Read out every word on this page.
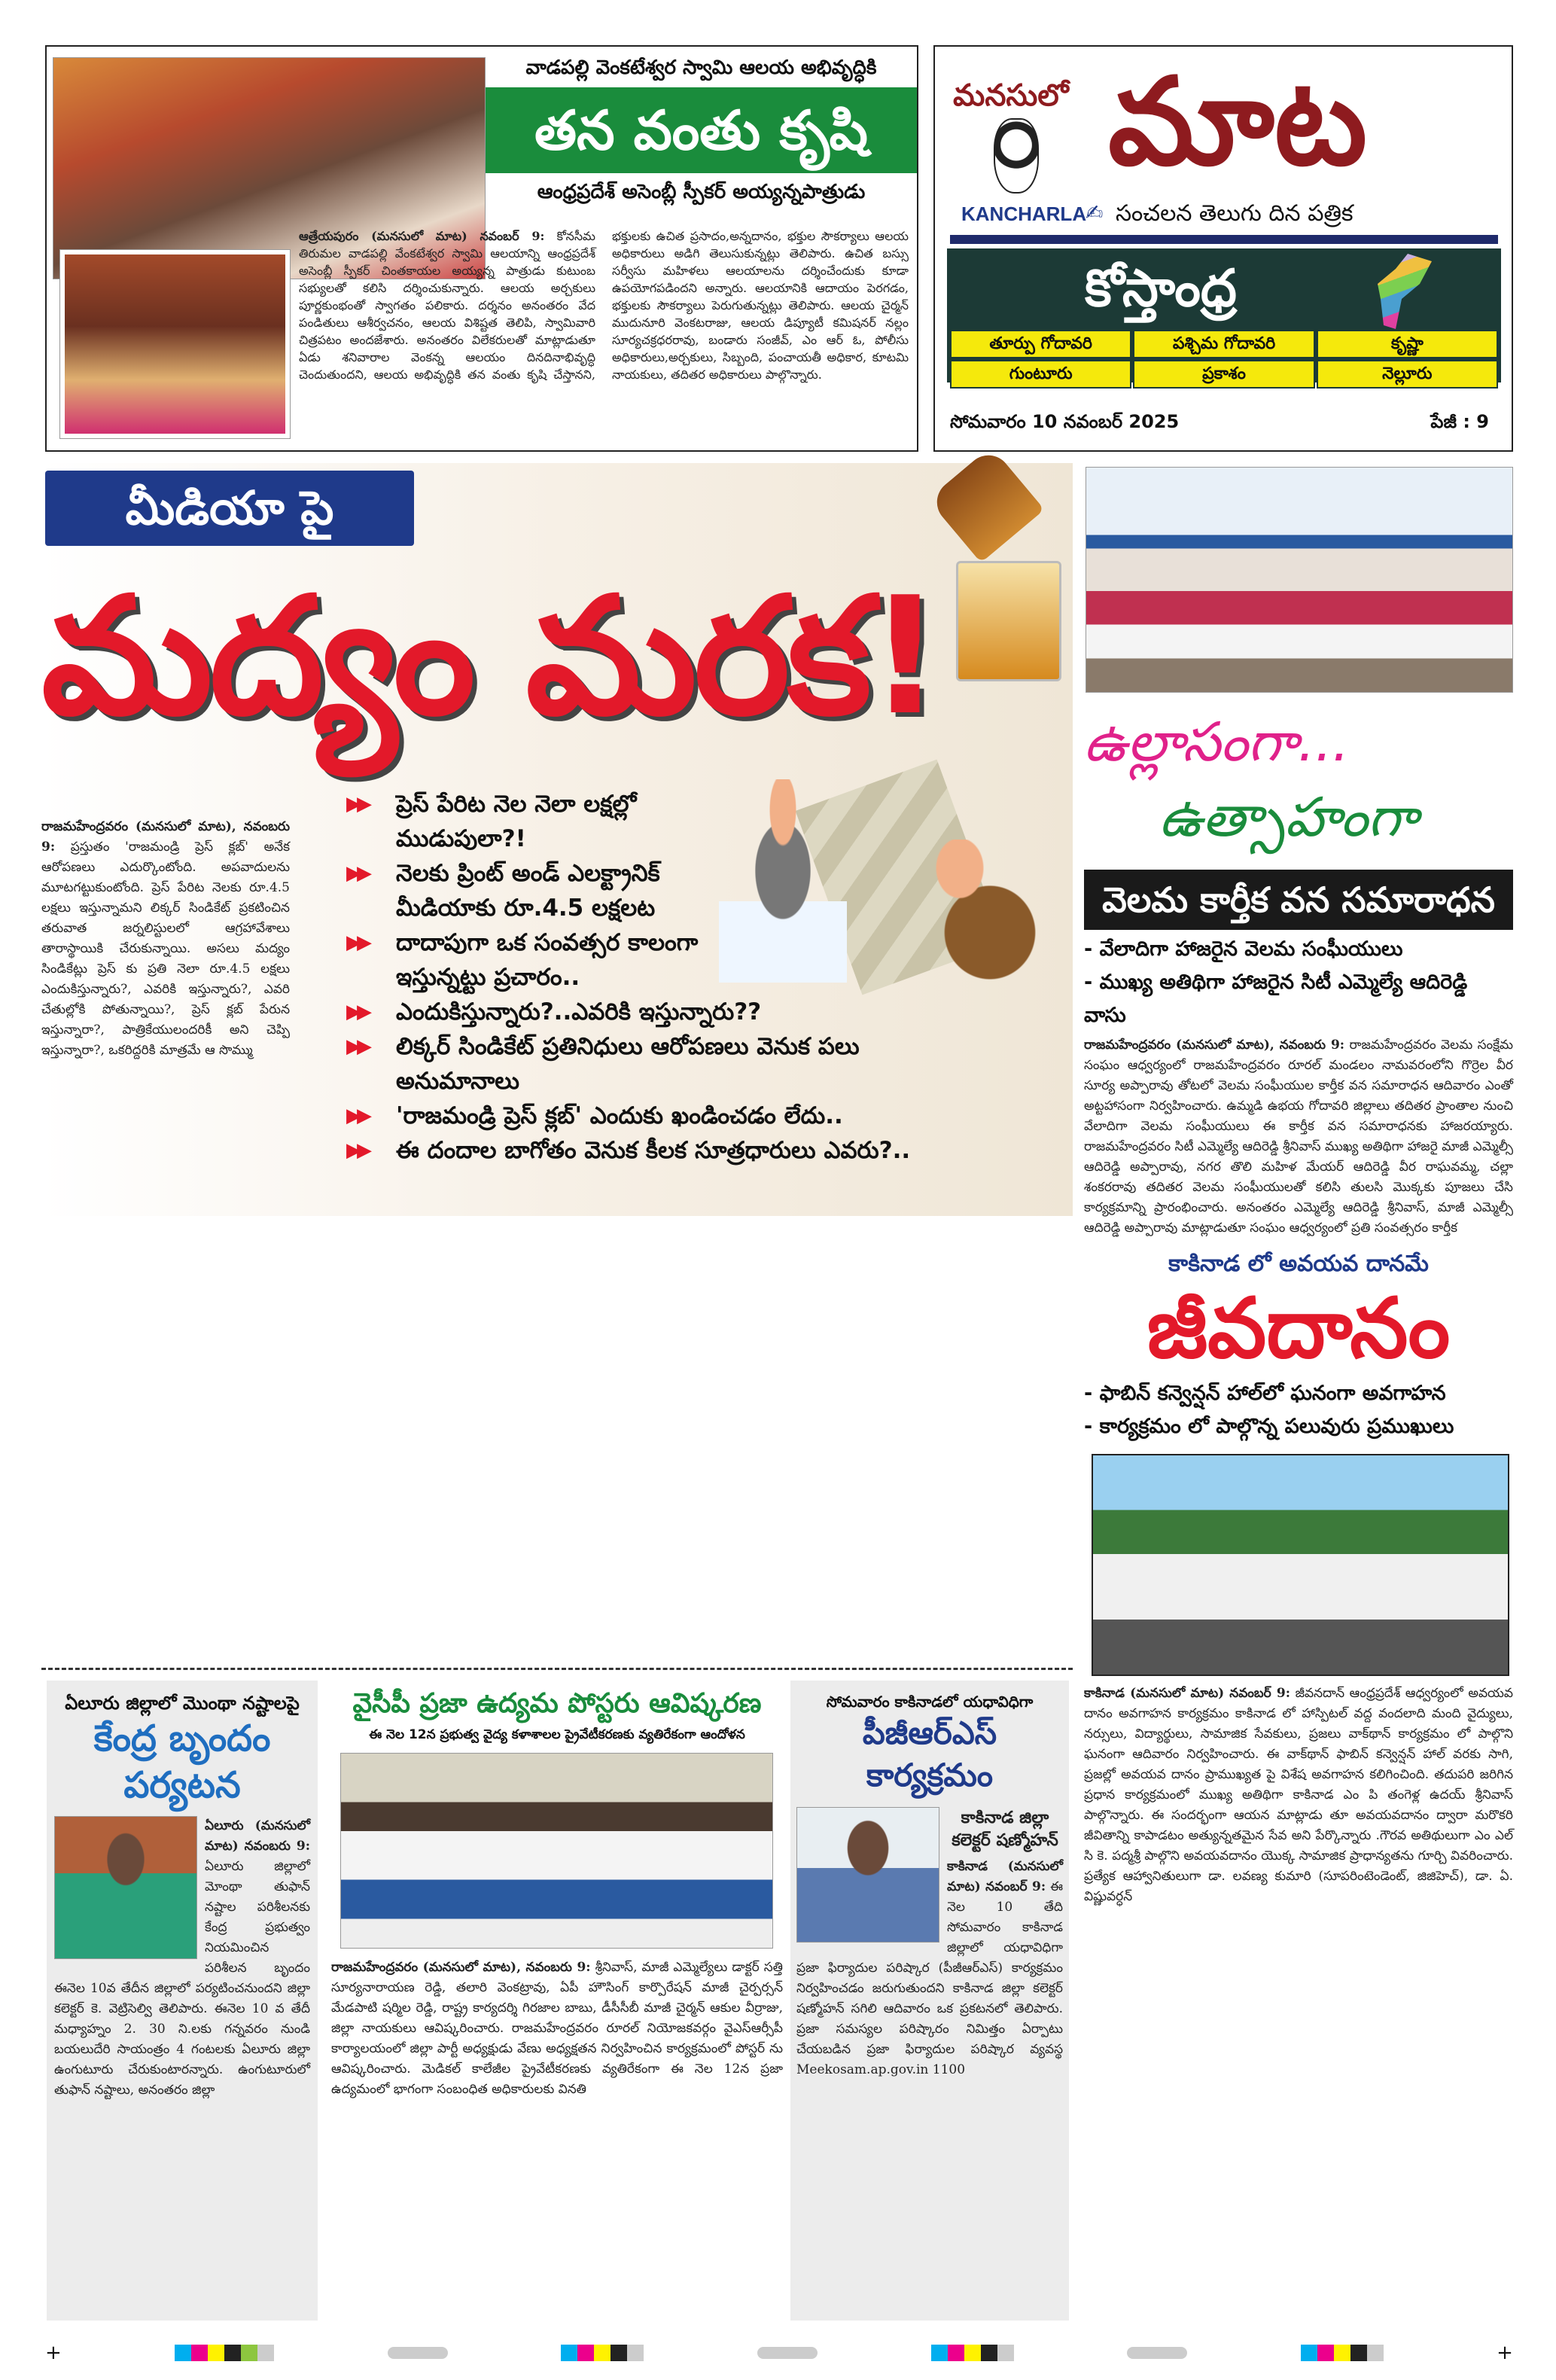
వాడపల్లి వెంకటేశ్వర స్వామి ఆలయ అభివృద్ధికి
తన వంతు కృషి
ఆంధ్రప్రదేశ్ అసెంబ్లీ స్పీకర్ అయ్యన్నపాత్రుడు
ఆత్రేయపురం (మనసులో మాట) నవంబర్ 9: కోనసీమ తిరుమల వాడపల్లి వేంకటేశ్వర స్వామి ఆలయాన్ని ఆంధ్రప్రదేశ్ అసెంబ్లీ స్పీకర్ చింతకాయల అయ్యన్న పాత్రుడు కుటుంబ సభ్యులతో కలిసి దర్శించుకున్నారు. ఆలయ అర్చకులు పూర్ణకుంభంతో స్వాగతం పలికారు. దర్శనం అనంతరం వేద పండితులు ఆశీర్వచనం, ఆలయ విశిష్టత తెలిపి, స్వామివారి చిత్రపటం అందజేశారు. అనంతరం విలేకరులతో మాట్లాడుతూ ఏడు శనివారాల వెంకన్న ఆలయం దినదినాభివృద్ధి చెందుతుందని, ఆలయ అభివృద్ధికి తన వంతు కృషి చేస్తానని, భక్తులకు ఉచిత ప్రసాదం,అన్నదానం, భక్తుల సౌకర్యాలు ఆలయ అధికారులు అడిగి తెలుసుకున్నట్లు తెలిపారు. ఉచిత బస్సు సర్వీసు మహిళలు ఆలయాలను దర్శించేందుకు కూడా ఉపయోగపడిందని అన్నారు. ఆలయానికి ఆదాయం పెరగడం, భక్తులకు సౌకర్యాలు పెరుగుతున్నట్లు తెలిపారు. ఆలయ చైర్మన్ ముదునూరి వెంకటరాజు, ఆలయ డిప్యూటీ కమిషనర్ నల్లం సూర్యచక్రధరరావు, బండారు సంజీవ్, ఎం ఆర్ ఓ, పోలీసు అధికారులు,అర్చకులు, సిబ్బంది, పంచాయతీ అధికార, కూటమి నాయకులు, తదితర అధికారులు పాల్గొన్నారు.
మనసులో మాట
KANCHARLA
✍ సంచలన తెలుగు దిన పత్రిక
కోస్తాంధ్ర
తూర్పు గోదావరి	పశ్చిమ గోదావరి	కృష్ణా
గుంటూరు	ప్రకాశం	నెల్లూరు
సోమవారం 10 నవంబర్ 2025	పేజీ : 9
మీడియా పై
మద్యం మరక!
▶▶	ప్రెస్ పేరిట నెల నెలా లక్షల్లో ముడుపులా?!
▶▶	నెలకు ప్రింట్ అండ్ ఎలక్ట్రానిక్ మీడియాకు రూ.4.5 లక్షలట
▶▶	దాదాపుగా ఒక సంవత్సర కాలంగా ఇస్తున్నట్టు ప్రచారం..
▶▶	ఎందుకిస్తున్నారు?..ఎవరికి ఇస్తున్నారు??
▶▶	లిక్కర్ సిండికేట్ ప్రతినిధులు ఆరోపణలు వెనుక పలు అనుమానాలు
▶▶	'రాజమండ్రి ప్రెస్ క్లబ్' ఎందుకు ఖండించడం లేదు..
▶▶	ఈ దందాల బాగోతం వెనుక కీలక సూత్రధారులు ఎవరు?..
రాజమహేంద్రవరం (మనసులో మాట), నవంబరు 9: ప్రస్తుతం 'రాజమండ్రి ప్రెస్ క్లబ్' అనేక ఆరోపణలు ఎదుర్కొంటోంది. అపవాదులను మూటగట్టుకుంటోంది. ప్రెస్ పేరిట నెలకు రూ.4.5 లక్షలు ఇస్తున్నామని లిక్కర్ సిండికేట్ ప్రకటించిన తరువాత జర్నలిస్టులలో ఆగ్రహావేశాలు తారాస్థాయికి చేరుకున్నాయి. అసలు మద్యం సిండికేట్లు ప్రెస్ కు ప్రతి నెలా రూ.4.5 లక్షలు ఎందుకిస్తున్నారు?, ఎవరికి ఇస్తున్నారు?, ఎవరి చేతుల్లోకి పోతున్నాయి?, ప్రెస్ క్లబ్ పేరున ఇస్తున్నారా?, పాత్రికేయులందరికీ అని చెప్పి ఇస్తున్నారా?, ఒకరిద్దరికి మాత్రమే ఆ సొమ్ము
ఉల్లాసంగా...
ఉత్సాహంగా
వెలమ కార్తీక వన సమారాధన
- వేలాదిగా హాజరైన వెలమ సంఘీయులు
- ముఖ్య అతిథిగా హాజరైన సిటీ ఎమ్మెల్యే ఆదిరెడ్డి వాసు
రాజమహేంద్రవరం (మనసులో మాట), నవంబరు 9: రాజమహేంద్రవరం వెలమ సంక్షేమ సంఘం ఆధ్వర్యంలో రాజమహేంద్రవరం రూరల్ మండలం నామవరంలోని గొర్రెల వీర సూర్య అప్పారావు తోటలో వెలమ సంఘీయుల కార్తీక వన సమారాధన ఆదివారం ఎంతో అట్టహాసంగా నిర్వహించారు. ఉమ్మడి ఉభయ గోదావరి జిల్లాలు తదితర ప్రాంతాల నుంచి వేలాదిగా వెలమ సంఘీయులు ఈ కార్తీక వన సమారాధనకు హాజరయ్యారు. రాజమహేంద్రవరం సిటీ ఎమ్మెల్యే ఆదిరెడ్డి శ్రీనివాస్ ముఖ్య అతిథిగా హాజరై మాజీ ఎమ్మెల్సీ ఆదిరెడ్డి అప్పారావు, నగర తొలి మహిళ మేయర్ ఆదిరెడ్డి వీర రాఘవమ్మ, చల్లా శంకరరావు తదితర వెలమ సంఘీయులతో కలిసి తులసి మొక్కకు పూజలు చేసి కార్యక్రమాన్ని ప్రారంభించారు. అనంతరం ఎమ్మెల్యే ఆదిరెడ్డి శ్రీనివాస్, మాజీ ఎమ్మెల్సీ ఆదిరెడ్డి అప్పారావు మాట్లాడుతూ సంఘం ఆధ్వర్యంలో ప్రతి సంవత్సరం కార్తీక
కాకినాడ లో అవయవ దానమే
జీవదానం
- ఫాబిన్ కన్వెన్షన్ హాల్‌లో ఘనంగా అవగాహన
- కార్యక్రమం లో పాల్గొన్న పలువురు ప్రముఖులు
కాకినాడ (మనసులో మాట) నవంబర్ 9: జీవనదాన్ ఆంధ్రప్రదేశ్ ఆధ్వర్యంలో అవయవ దానం అవగాహన కార్యక్రమం కాకినాడ లో హాస్పిటల్ వద్ద వందలాది మంది వైద్యులు, నర్సులు, విద్యార్థులు, సామాజిక సేవకులు, ప్రజలు వాక్‌థాన్ కార్యక్రమం లో పాల్గొని ఘనంగా ఆదివారం నిర్వహించారు. ఈ వాక్‌థాన్ ఫాబిన్ కన్వెన్షన్ హాల్ వరకు సాగి, ప్రజల్లో అవయవ దానం ప్రాముఖ్యత పై విశేష అవగాహన కలిగించింది. తదుపరి జరిగిన ప్రధాన కార్యక్రమంలో ముఖ్య అతిథిగా కాకినాడ ఎం పి తంగెళ్ల ఉదయ్ శ్రీనివాస్ పాల్గొన్నారు. ఈ సందర్భంగా ఆయన మాట్లాడు తూ అవయవదానం ద్వారా మరొకరి జీవితాన్ని కాపాడటం అత్యున్నతమైన సేవ అని పేర్కొన్నారు .గౌరవ అతిథులుగా ఎం ఎల్ సి కె. పద్మశ్రీ పాల్గొని అవయవదానం యొక్క సామాజిక ప్రాధాన్యతను గూర్చి వివరించారు. ప్రత్యేక ఆహ్వానితులుగా డా. లవణ్య కుమారి (సూపరింటెండెంట్, జిజిహెచ్), డా. ఏ. విష్ణువర్ధన్
ఏలూరు జిల్లాలో మొంథా నష్టాలపై
కేంద్ర బృందం పర్యటన
ఏలూరు (మనసులో మాట) నవంబరు 9: ఏలూరు జిల్లాలో మోంథా తుఫాన్ నష్టాల పరిశీలనకు కేంద్ర ప్రభుత్వం నియమించిన పరిశీలన బృందం ఈనెల 10వ తేదీన జిల్లాలో పర్యటించనుందని జిల్లా కలెక్టర్ కె. వెట్రిసెల్వి తెలిపారు. ఈనెల 10 వ తేదీ మధ్యాహ్నం 2. 30 ని.లకు గన్నవరం నుండి బయలుదేరి సాయంత్రం 4 గంటలకు ఏలూరు జిల్లా ఉంగుటూరు చేరుకుంటారన్నారు. ఉంగుటూరులో తుఫాన్ నష్టాలు, అనంతరం జిల్లా
వైసీపీ ప్రజా ఉద్యమ పోస్టరు ఆవిష్కరణ
ఈ నెల 12న ప్రభుత్వ వైద్య కళాశాలల ప్రైవేటీకరణకు వ్యతిరేకంగా ఆందోళన
రాజమహేంద్రవరం (మనసులో మాట), నవంబరు 9: శ్రీనివాస్, మాజీ ఎమ్మెల్యేలు డాక్టర్ సత్తి సూర్యనారాయణ రెడ్డి, తలారి వెంకట్రావు, ఏపీ హౌసింగ్ కార్పొరేషన్ మాజీ చైర్పర్సన్ మేడపాటి షర్మిల రెడ్డి, రాష్ట్ర కార్యదర్శి గిరజాల బాబు, డీసీసీబీ మాజీ చైర్మన్ ఆకుల వీర్రాజు, జిల్లా నాయకులు ఆవిష్కరించారు. రాజమహేంద్రవరం రూరల్ నియోజకవర్గం వైఎస్ఆర్సీపీ కార్యాలయంలో జిల్లా పార్టీ అధ్యక్షుడు వేణు అధ్యక్షతన నిర్వహించిన కార్యక్రమంలో పోస్టర్ ను ఆవిష్కరించారు. మెడికల్ కాలేజీల ప్రైవేటీకరణకు వ్యతిరేకంగా ఈ నెల 12న ప్రజా ఉద్యమంలో భాగంగా సంబంధిత అధికారులకు వినతి
సోమవారం కాకినాడలో యధావిధిగా
పీజీఆర్ఎస్ కార్యక్రమం
కాకినాడ జిల్లా కలెక్టర్ షణ్మోహన్
కాకినాడ (మనసులో మాట) నవంబర్ 9: ఈ నెల 10 తేది సోమవారం కాకినాడ జిల్లాలో యధావిధిగా ప్రజా ఫిర్యాదుల పరిష్కార (పీజీఆర్ఎస్) కార్యక్రమం నిర్వహించడం జరుగుతుందని కాకినాడ జిల్లా కలెక్టర్ షణ్మోహన్ సగిలి ఆదివారం ఒక ప్రకటనలో తెలిపారు. ప్రజా సమస్యల పరిష్కారం నిమిత్తం ఏర్పాటు చేయబడిన ప్రజా ఫిర్యాదుల పరిష్కార వ్యవస్థ Meekosam.ap.gov.in 1100
+	+
